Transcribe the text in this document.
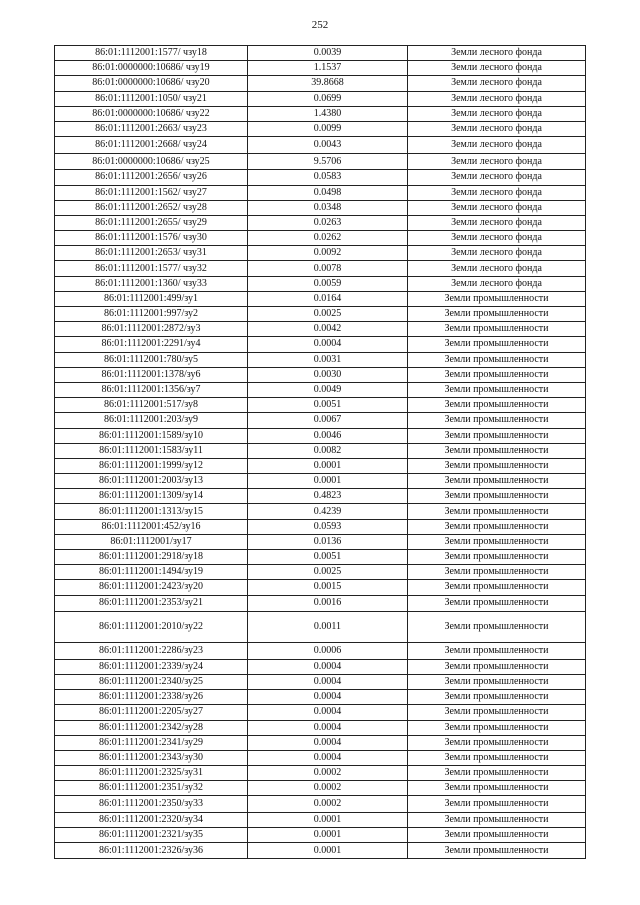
252
86:01:1112001:1577/ чзу18	0.0039	Земли лесного фонда
86:01:0000000:10686/ чзу19	1.1537	Земли лесного фонда
86:01:0000000:10686/ чзу20	39.8668	Земли лесного фонда
86:01:1112001:1050/ чзу21	0.0699	Земли лесного фонда
86:01:0000000:10686/ чзу22	1.4380	Земли лесного фонда
86:01:1112001:2663/ чзу23	0.0099	Земли лесного фонда
86:01:1112001:2668/ чзу24	0.0043	Земли лесного фонда
86:01:0000000:10686/ чзу25	9.5706	Земли лесного фонда
86:01:1112001:2656/ чзу26	0.0583	Земли лесного фонда
86:01:1112001:1562/ чзу27	0.0498	Земли лесного фонда
86:01:1112001:2652/ чзу28	0.0348	Земли лесного фонда
86:01:1112001:2655/ чзу29	0.0263	Земли лесного фонда
86:01:1112001:1576/ чзу30	0.0262	Земли лесного фонда
86:01:1112001:2653/ чзу31	0.0092	Земли лесного фонда
86:01:1112001:1577/ чзу32	0.0078	Земли лесного фонда
86:01:1112001:1360/ чзу33	0.0059	Земли лесного фонда
86:01:1112001:499/зу1	0.0164	Земли промышленности
86:01:1112001:997/зу2	0.0025	Земли промышленности
86:01:1112001:2872/зу3	0.0042	Земли промышленности
86:01:1112001:2291/зу4	0.0004	Земли промышленности
86:01:1112001:780/зу5	0.0031	Земли промышленности
86:01:1112001:1378/зу6	0.0030	Земли промышленности
86:01:1112001:1356/зу7	0.0049	Земли промышленности
86:01:1112001:517/зу8	0.0051	Земли промышленности
86:01:1112001:203/зу9	0.0067	Земли промышленности
86:01:1112001:1589/зу10	0.0046	Земли промышленности
86:01:1112001:1583/зу11	0.0082	Земли промышленности
86:01:1112001:1999/зу12	0.0001	Земли промышленности
86:01:1112001:2003/зу13	0.0001	Земли промышленности
86:01:1112001:1309/зу14	0.4823	Земли промышленности
86:01:1112001:1313/зу15	0.4239	Земли промышленности
86:01:1112001:452/зу16	0.0593	Земли промышленности
86:01:1112001/зу17	0.0136	Земли промышленности
86:01:1112001:2918/зу18	0.0051	Земли промышленности
86:01:1112001:1494/зу19	0.0025	Земли промышленности
86:01:1112001:2423/зу20	0.0015	Земли промышленности
86:01:1112001:2353/зу21	0.0016	Земли промышленности
86:01:1112001:2010/зу22	0.0011	Земли промышленности
86:01:1112001:2286/зу23	0.0006	Земли промышленности
86:01:1112001:2339/зу24	0.0004	Земли промышленности
86:01:1112001:2340/зу25	0.0004	Земли промышленности
86:01:1112001:2338/зу26	0.0004	Земли промышленности
86:01:1112001:2205/зу27	0.0004	Земли промышленности
86:01:1112001:2342/зу28	0.0004	Земли промышленности
86:01:1112001:2341/зу29	0.0004	Земли промышленности
86:01:1112001:2343/зу30	0.0004	Земли промышленности
86:01:1112001:2325/зу31	0.0002	Земли промышленности
86:01:1112001:2351/зу32	0.0002	Земли промышленности
86:01:1112001:2350/зу33	0.0002	Земли промышленности
86:01:1112001:2320/зу34	0.0001	Земли промышленности
86:01:1112001:2321/зу35	0.0001	Земли промышленности
86:01:1112001:2326/зу36	0.0001	Земли промышленности
